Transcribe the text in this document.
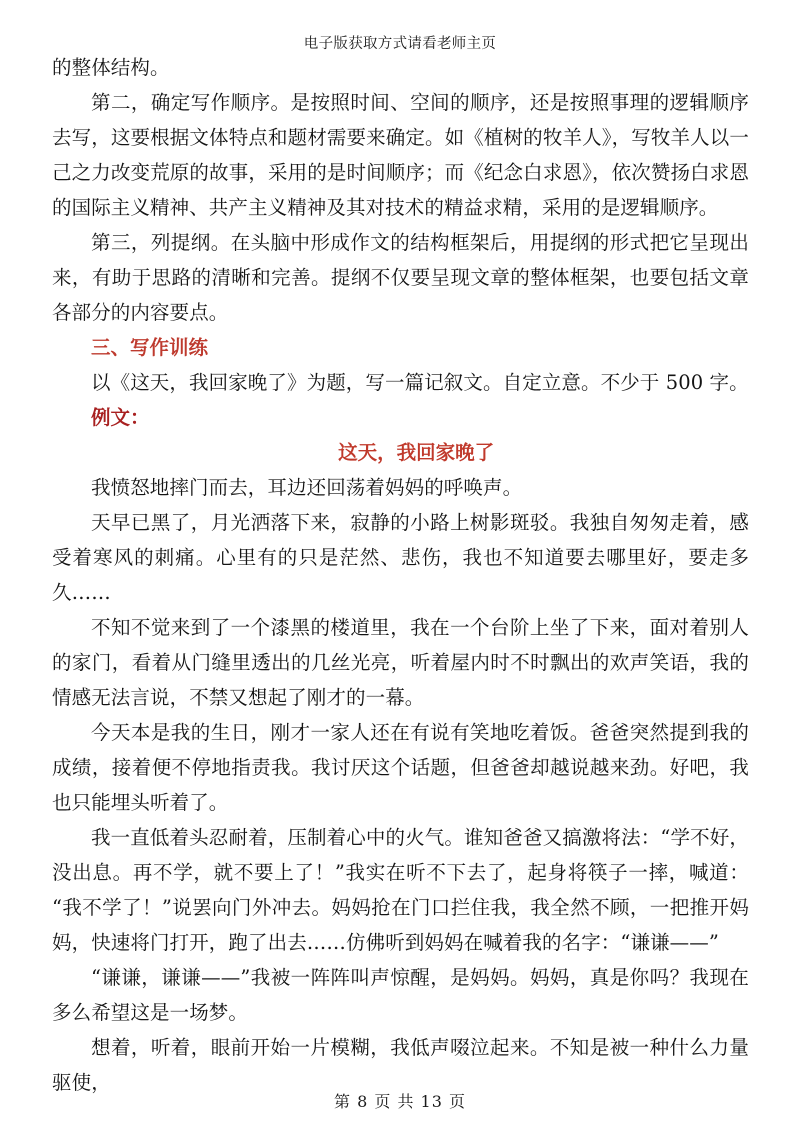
电子版获取方式请看老师主页

的整体结构。

第二，确定写作顺序。是按照时间、空间的顺序，还是按照事理的逻辑顺序去写，这要根据文体特点和题材需要来确定。如《植树的牧羊人》，写牧羊人以一己之力改变荒原的故事，采用的是时间顺序；而《纪念白求恩》，依次赞扬白求恩的国际主义精神、共产主义精神及其对技术的精益求精，采用的是逻辑顺序。

第三，列提纲。在头脑中形成作文的结构框架后，用提纲的形式把它呈现出来，有助于思路的清晰和完善。提纲不仅要呈现文章的整体框架，也要包括文章各部分的内容要点。

三、写作训练

以《这天，我回家晚了》为题，写一篇记叙文。自定立意。不少于 500 字。

例文：
这天，我回家晚了

我愤怒地摔门而去，耳边还回荡着妈妈的呼唤声。

天早已黑了，月光洒落下来，寂静的小路上树影斑驳。我独自匆匆走着，感受着寒风的刺痛。心里有的只是茫然、悲伤，我也不知道要去哪里好，要走多久……

不知不觉来到了一个漆黑的楼道里，我在一个台阶上坐了下来，面对着别人的家门，看着从门缝里透出的几丝光亮，听着屋内时不时飘出的欢声笑语，我的情感无法言说，不禁又想起了刚才的一幕。

今天本是我的生日，刚才一家人还在有说有笑地吃着饭。爸爸突然提到我的成绩，接着便不停地指责我。我讨厌这个话题，但爸爸却越说越来劲。好吧，我也只能埋头听着了。

我一直低着头忍耐着，压制着心中的火气。谁知爸爸又搞激将法：“学不好，没出息。再不学，就不要上了！”我实在听不下去了，起身将筷子一摔，喊道：“我不学了！”说罢向门外冲去。妈妈抢在门口拦住我，我全然不顾，一把推开妈妈，快速将门打开，跑了出去……仿佛听到妈妈在喊着我的名字：“谦谦——”

“谦谦，谦谦——”我被一阵阵叫声惊醒，是妈妈。妈妈，真是你吗？我现在多么希望这是一场梦。

想着，听着，眼前开始一片模糊，我低声啜泣起来。不知是被一种什么力量驱使，

第 8 页 共 13 页
